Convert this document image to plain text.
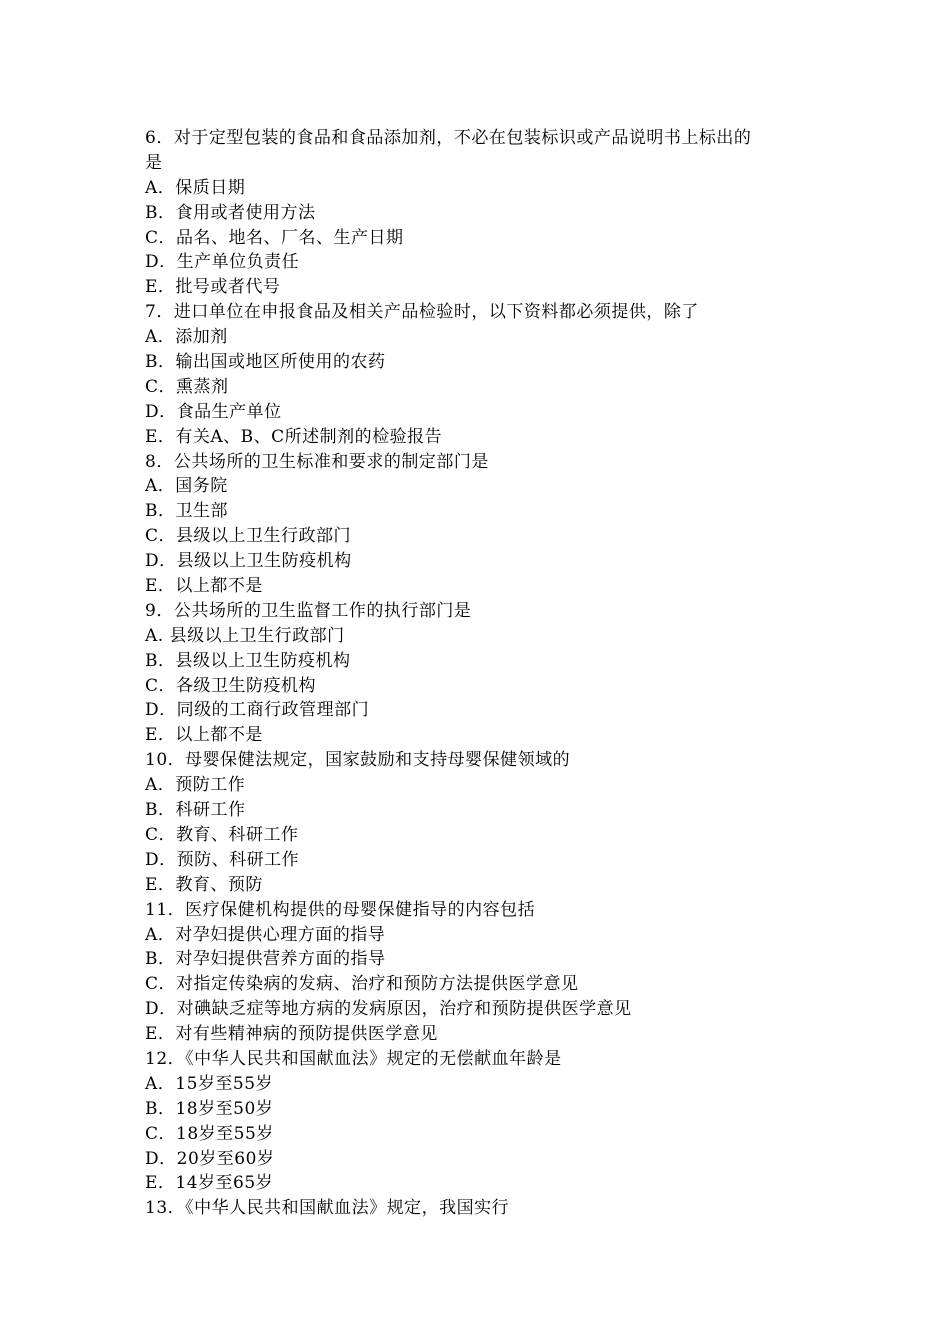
6．对于定型包装的食品和食品添加剂，不必在包装标识或产品说明书上标出的
是
A．保质日期
B．食用或者使用方法
C．品名、地名、厂名、生产日期
D．生产单位负责任
E．批号或者代号
7．进口单位在申报食品及相关产品检验时，以下资料都必须提供，除了
A．添加剂
B．输出国或地区所使用的农药
C．熏蒸剂
D．食品生产单位
E．有关A、B、C所述制剂的检验报告
8．公共场所的卫生标准和要求的制定部门是
A．国务院
B．卫生部
C．县级以上卫生行政部门
D．县级以上卫生防疫机构
E．以上都不是
9．公共场所的卫生监督工作的执行部门是
A. 县级以上卫生行政部门
B．县级以上卫生防疫机构
C．各级卫生防疫机构
D．同级的工商行政管理部门
E．以上都不是
10．母婴保健法规定，国家鼓励和支持母婴保健领域的
A．预防工作
B．科研工作
C．教育、科研工作
D．预防、科研工作
E．教育、预防
11．医疗保健机构提供的母婴保健指导的内容包括
A．对孕妇提供心理方面的指导
B．对孕妇提供营养方面的指导
C．对指定传染病的发病、治疗和预防方法提供医学意见
D．对碘缺乏症等地方病的发病原因，治疗和预防提供医学意见
E．对有些精神病的预防提供医学意见
12．《中华人民共和国献血法》规定的无偿献血年龄是
A．15岁至55岁
B．18岁至50岁
C．18岁至55岁
D．20岁至60岁
E．14岁至65岁
13．《中华人民共和国献血法》规定，我国实行
